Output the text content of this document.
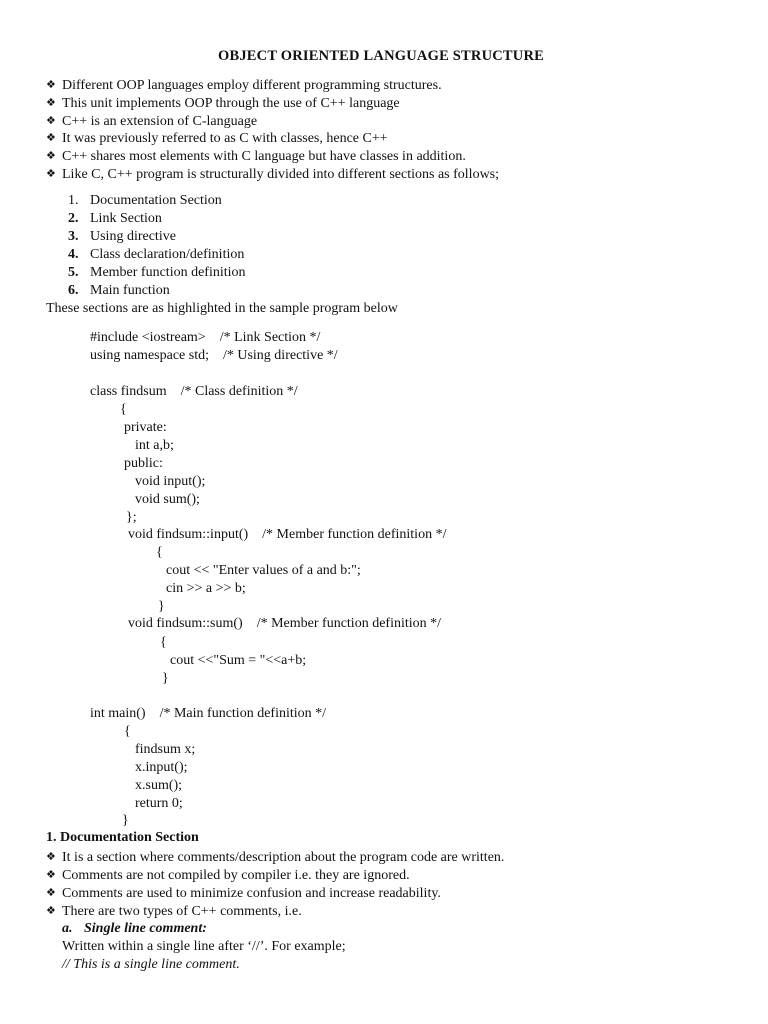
OBJECT ORIENTED LANGUAGE STRUCTURE
❖ Different OOP languages employ different programming structures.
❖ This unit implements OOP through the use of C++ language
❖ C++ is an extension of C-language
❖ It was previously referred to as C with classes, hence C++
❖ C++ shares most elements with C language but have classes in addition.
❖ Like C, C++ program is structurally divided into different sections as follows;
1. Documentation Section
2. Link Section
3. Using directive
4. Class declaration/definition
5. Member function definition
6. Main function
These sections are as highlighted in the sample program below
#include <iostream>    /* Link Section */
using namespace std;    /* Using directive */
class findsum    /* Class definition */
{
private:
int a,b;
public:
void input();
void sum();
};
void findsum::input()    /* Member function definition */
{
cout << "Enter values of a and b:";
cin >> a >> b;
}
void findsum::sum()    /* Member function definition */
{
cout <<"Sum = "<<a+b;
}
int main()    /* Main function definition */
{
findsum x;
x.input();
x.sum();
return 0;
}
1. Documentation Section
❖ It is a section where comments/description about the program code are written.
❖ Comments are not compiled by compiler i.e. they are ignored.
❖ Comments are used to minimize confusion and increase readability.
❖ There are two types of C++ comments, i.e.
a. Single line comment:
Written within a single line after ‘//’. For example;
// This is a single line comment.
